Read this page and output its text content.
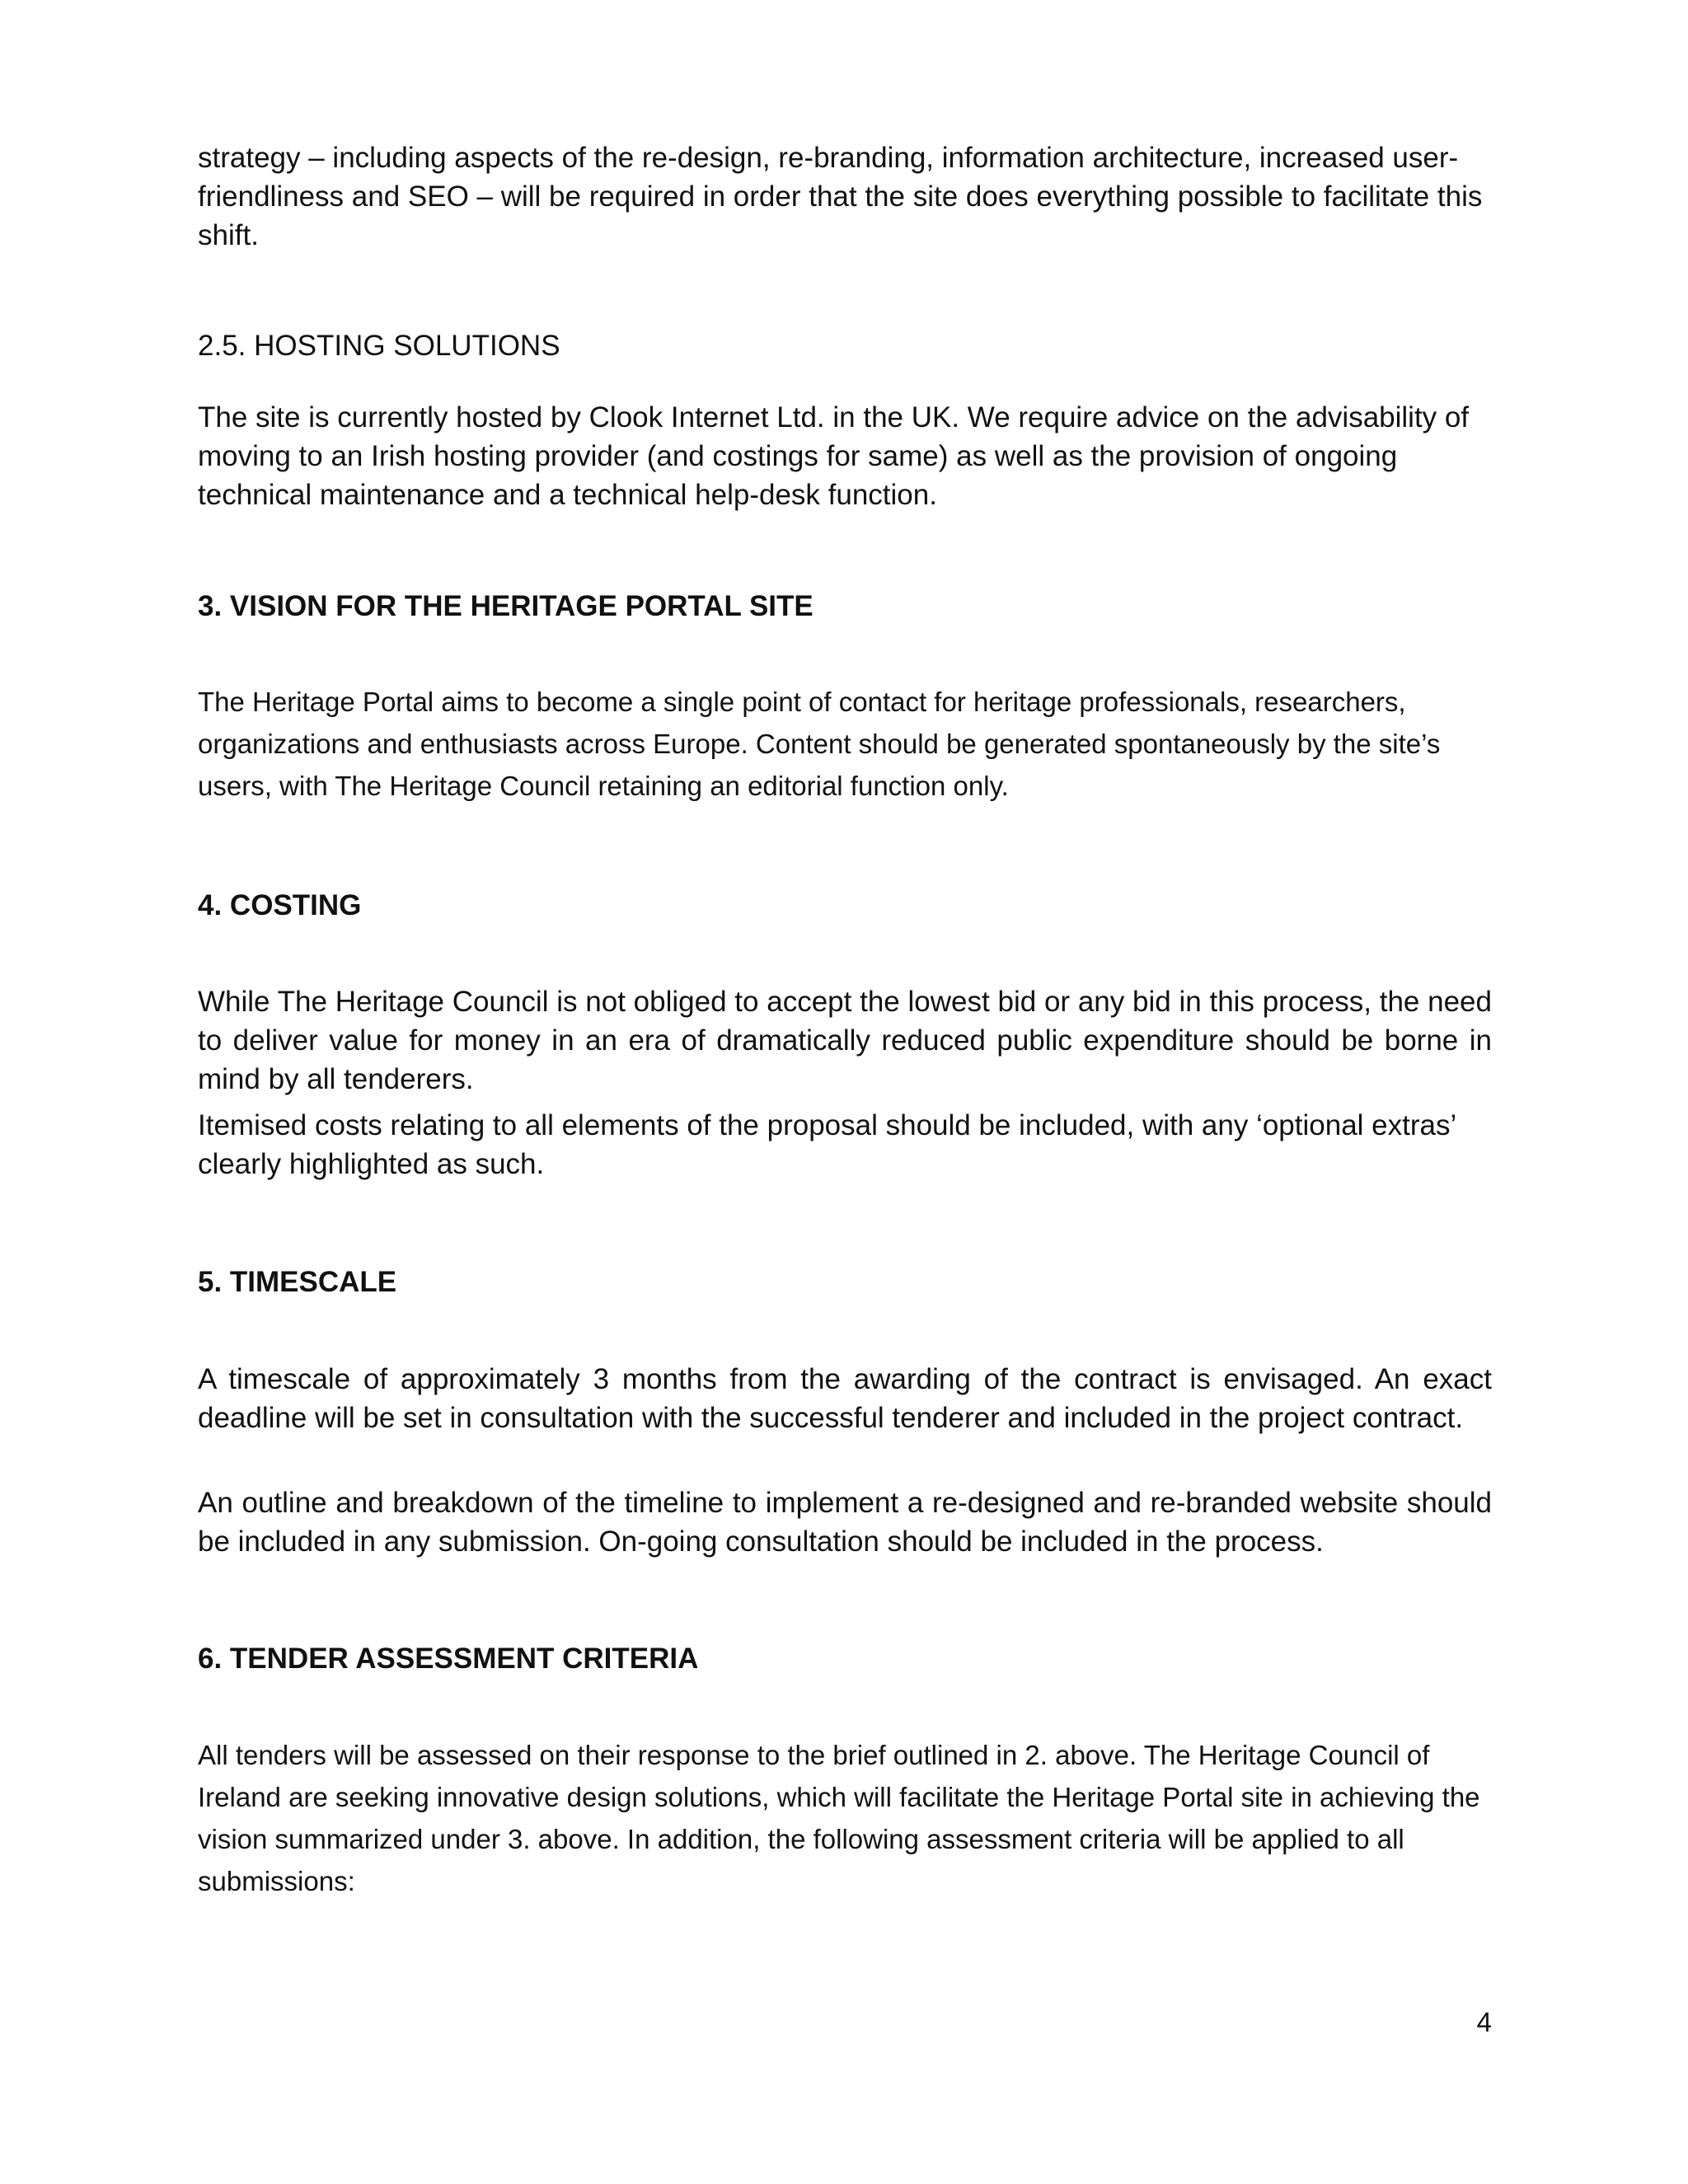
strategy – including aspects of the re-design, re-branding, information architecture, increased user-friendliness and SEO – will be required in order that the site does everything possible to facilitate this shift.

2.5. HOSTING SOLUTIONS

The site is currently hosted by Clook Internet Ltd. in the UK. We require advice on the advisability of moving to an Irish hosting provider (and costings for same) as well as the provision of ongoing technical maintenance and a technical help-desk function.

3. VISION FOR THE HERITAGE PORTAL SITE

The Heritage Portal aims to become a single point of contact for heritage professionals, researchers, organizations and enthusiasts across Europe. Content should be generated spontaneously by the site’s users, with The Heritage Council retaining an editorial function only.

4. COSTING

While The Heritage Council is not obliged to accept the lowest bid or any bid in this process, the need to deliver value for money in an era of dramatically reduced public expenditure should be borne in mind by all tenderers.

Itemised costs relating to all elements of the proposal should be included, with any ‘optional extras’ clearly highlighted as such.

5. TIMESCALE

A timescale of approximately 3 months from the awarding of the contract is envisaged. An exact deadline will be set in consultation with the successful tenderer and included in the project contract.

An outline and breakdown of the timeline to implement a re-designed and re-branded website should be included in any submission. On-going consultation should be included in the process.

6. TENDER ASSESSMENT CRITERIA

All tenders will be assessed on their response to the brief outlined in 2. above. The Heritage Council of Ireland are seeking innovative design solutions, which will facilitate the Heritage Portal site in achieving the vision summarized under 3. above. In addition, the following assessment criteria will be applied to all submissions:

4
